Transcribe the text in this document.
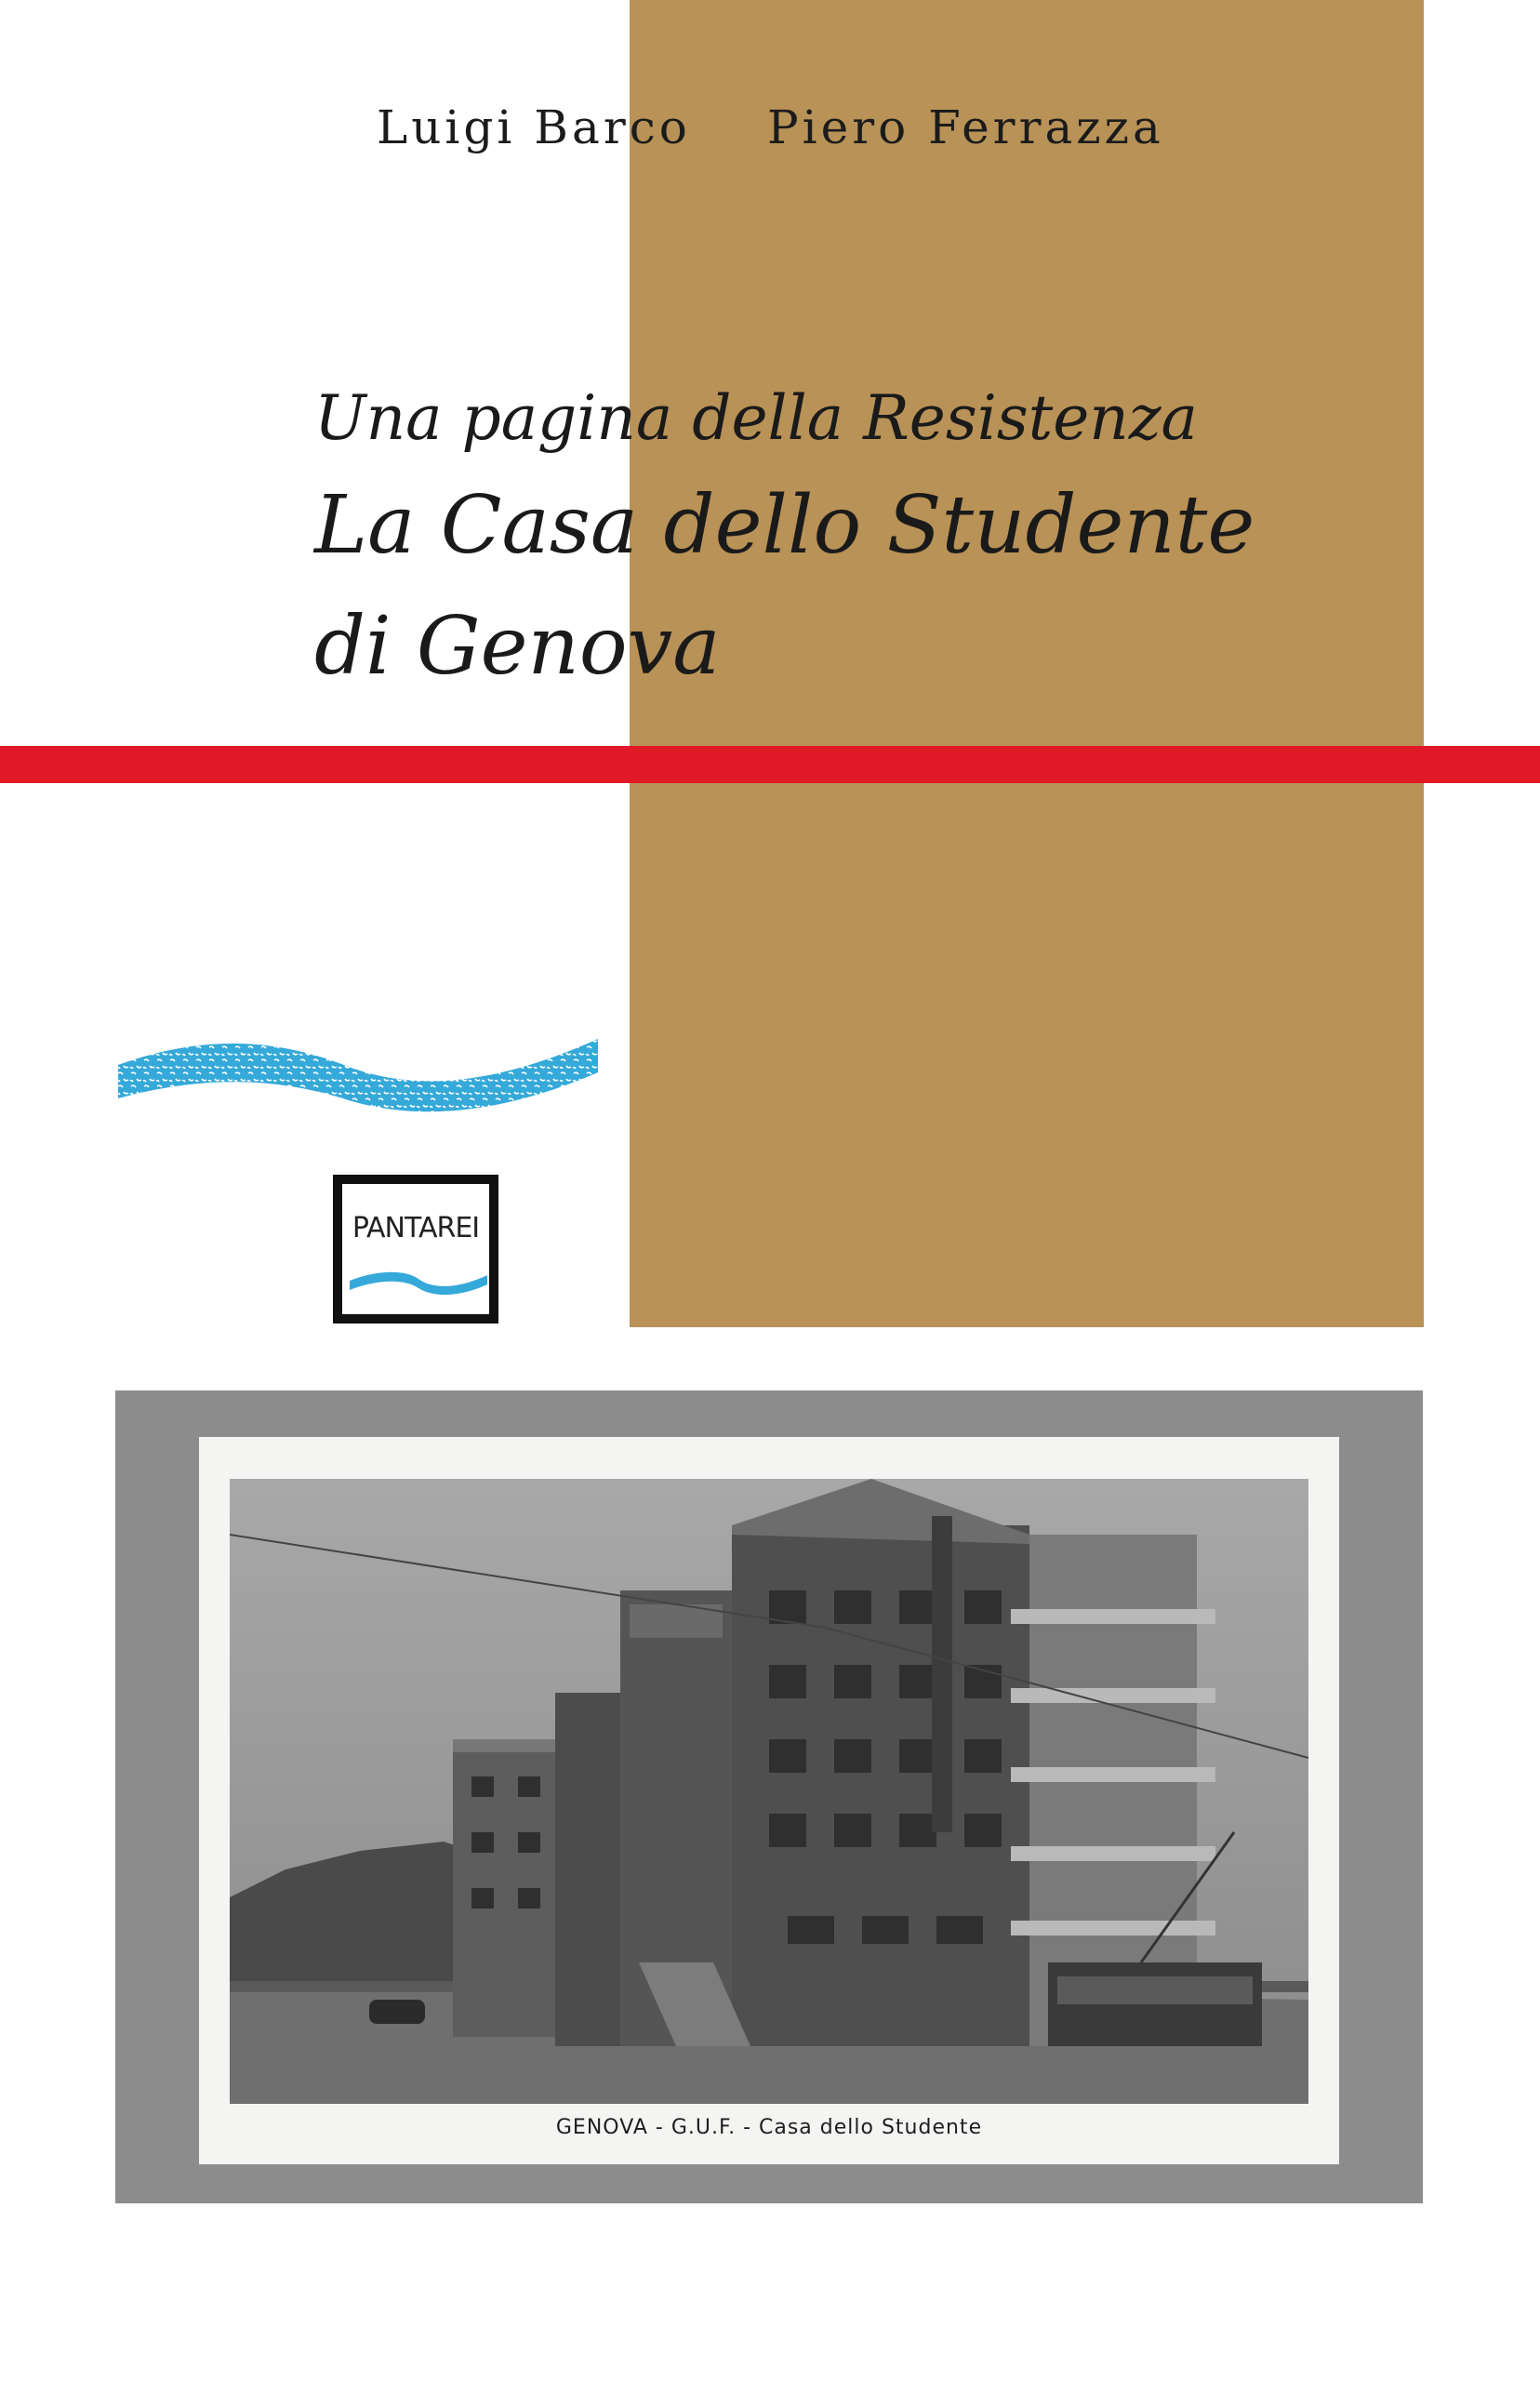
Luigi Barco Piero Ferrazza
Una pagina della Resistenza
La Casa dello Studente
di Genova
PANTAREI
GENOVA - G.U.F. - Casa dello Studente
